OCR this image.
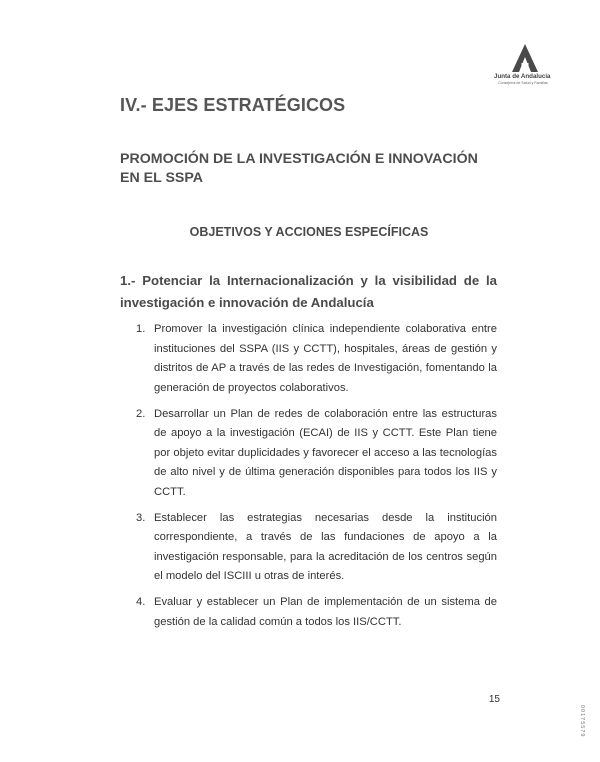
Junta de Andalucía
Consejería de Salud y Familias
IV.- EJES ESTRATÉGICOS
PROMOCIÓN DE LA INVESTIGACIÓN E INNOVACIÓN EN EL SSPA
OBJETIVOS Y ACCIONES ESPECÍFICAS
1.- Potenciar la Internacionalización y la visibilidad de la investigación e innovación de Andalucía
1. Promover la investigación clínica independiente colaborativa entre instituciones del SSPA (IIS y CCTT), hospitales, áreas de gestión y distritos de AP a través de las redes de Investigación, fomentando la generación de proyectos colaborativos.
2. Desarrollar un Plan de redes de colaboración entre las estructuras de apoyo a la investigación (ECAI) de IIS y CCTT. Este Plan tiene por objeto evitar duplicidades y favorecer el acceso a las tecnologías de alto nivel y de última generación disponibles para todos los IIS y CCTT.
3. Establecer las estrategias necesarias desde la institución correspondiente, a través de las fundaciones de apoyo a la investigación responsable, para la acreditación de los centros según el modelo del ISCIII u otras de interés.
4. Evaluar y establecer un Plan de implementación de un sistema de gestión de la calidad común a todos los IIS/CCTT.
15
00175579
